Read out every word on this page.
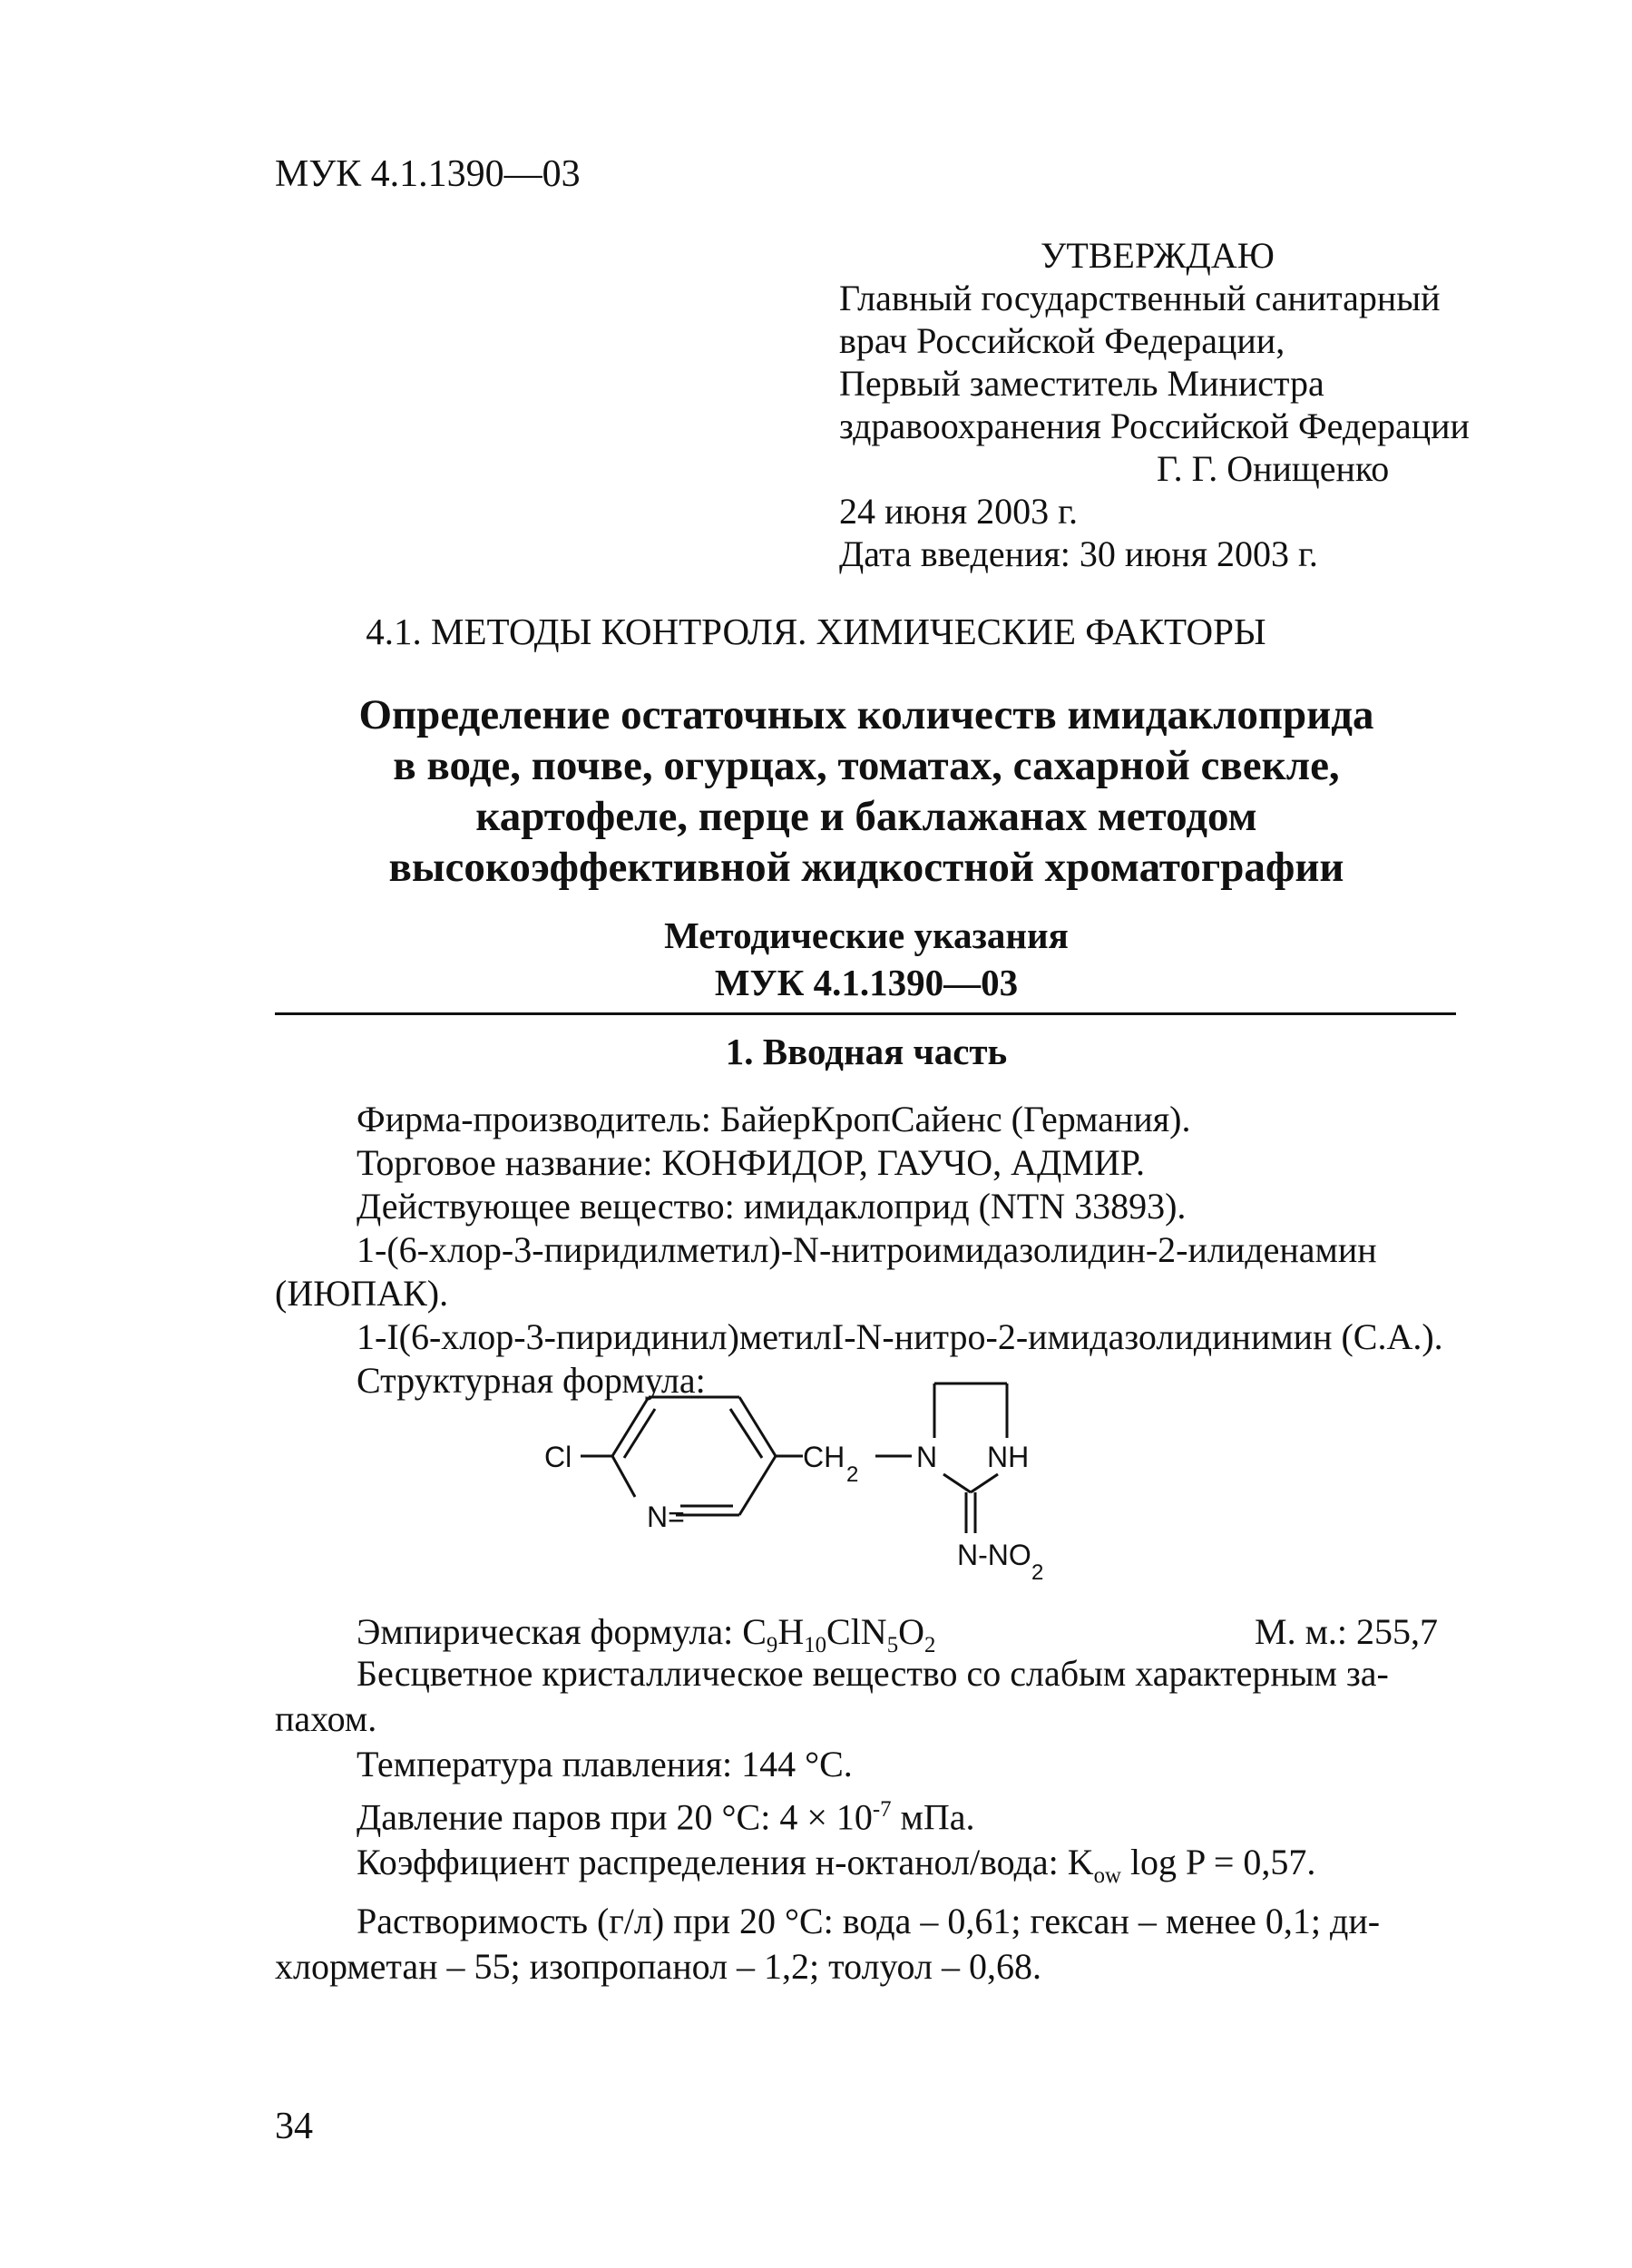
МУК 4.1.1390—03
УТВЕРЖДАЮ
Главный государственный санитарный
врач Российской Федерации,
Первый заместитель Министра
здравоохранения Российской Федерации
Г. Г. Онищенко
24 июня 2003 г.
Дата введения: 30 июня 2003 г.
4.1. МЕТОДЫ КОНТРОЛЯ. ХИМИЧЕСКИЕ ФАКТОРЫ
Определение остаточных количеств имидаклоприда
в воде, почве, огурцах, томатах, сахарной свекле,
картофеле, перце и баклажанах методом
высокоэффективной жидкостной хроматографии
Методические указания
МУК 4.1.1390—03
1. Вводная часть
Фирма-производитель: БайерКропСайенс (Германия).
Торговое название: КОНФИДОР, ГАУЧО, АДМИР.
Действующее вещество: имидаклоприд (NTN 33893).
1-(6-хлор-3-пиридилметил)-N-нитроимидазолидин-2-илиденамин
(ИЮПАК).
1-I(6-хлор-3-пиридинил)метилI-N-нитро-2-имидазолидинимин (С.А.).
Структурная формула:
Cl	CH
2
N NH
N=
N-NO
2
Эмпирическая формула: $C_9H_{10}ClN_5O_2$	М. м.: 255,7
Бесцветное кристаллическое вещество со слабым характерным за-
пахом.
Температура плавления: 144 °С.
Давление паров при 20 °С: $4 \times 10^{-7}$ мПа.
Коэффициент распределения н-октанол/вода: $K_{ow}$ log P = 0,57.
Растворимость (г/л) при 20 °С: вода – 0,61; гексан – менее 0,1; ди-
хлорметан – 55; изопропанол – 1,2; толуол – 0,68.
34
